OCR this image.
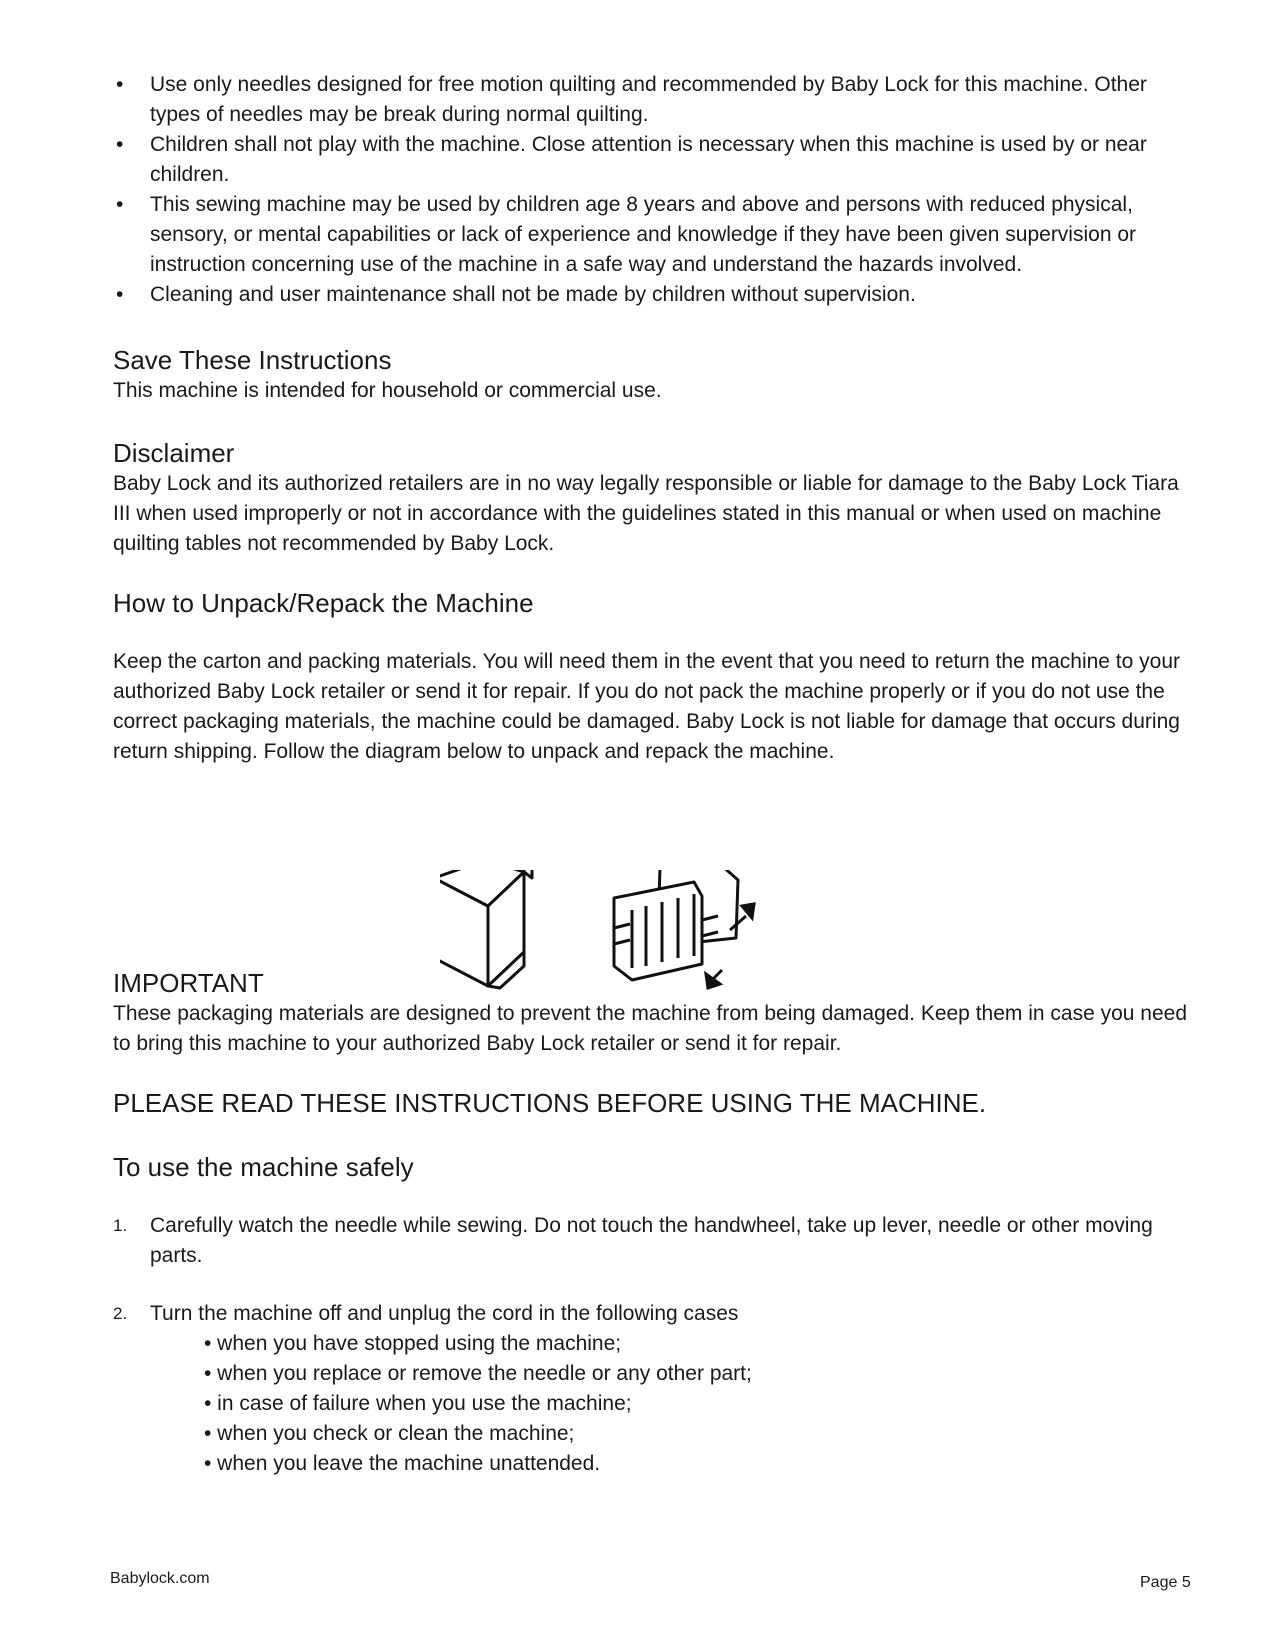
• Use only needles designed for free motion quilting and recommended by Baby Lock for this machine. Other types of needles may be break during normal quilting.
• Children shall not play with the machine. Close attention is necessary when this machine is used by or near children.
• This sewing machine may be used by children age 8 years and above and persons with reduced physical, sensory, or mental capabilities or lack of experience and knowledge if they have been given supervision or instruction concerning use of the machine in a safe way and understand the hazards involved.
• Cleaning and user maintenance shall not be made by children without supervision.
Save These Instructions

This machine is intended for household or commercial use.

Disclaimer

Baby Lock and its authorized retailers are in no way legally responsible or liable for damage to the Baby Lock Tiara III when used improperly or not in accordance with the guidelines stated in this manual or when used on machine quilting tables not recommended by Baby Lock.

How to Unpack/Repack the Machine

Keep the carton and packing materials. You will need them in the event that you need to return the machine to your authorized Baby Lock retailer or send it for repair. If you do not pack the machine properly or if you do not use the correct packaging materials, the machine could be damaged. Baby Lock is not liable for damage that occurs during return shipping. Follow the diagram below to unpack and repack the machine.

IMPORTANT

These packaging materials are designed to prevent the machine from being damaged. Keep them in case you need to bring this machine to your authorized Baby Lock retailer or send it for repair.

PLEASE READ THESE INSTRUCTIONS BEFORE USING THE MACHINE.
To use the machine safely
1. Carefully watch the needle while sewing. Do not touch the handwheel, take up lever, needle or other moving parts.
2. Turn the machine off and unplug the cord in the following cases
• when you have stopped using the machine;
• when you replace or remove the needle or any other part;
• in case of failure when you use the machine;
• when you check or clean the machine;
• when you leave the machine unattended.
Babylock.com	Page 5
